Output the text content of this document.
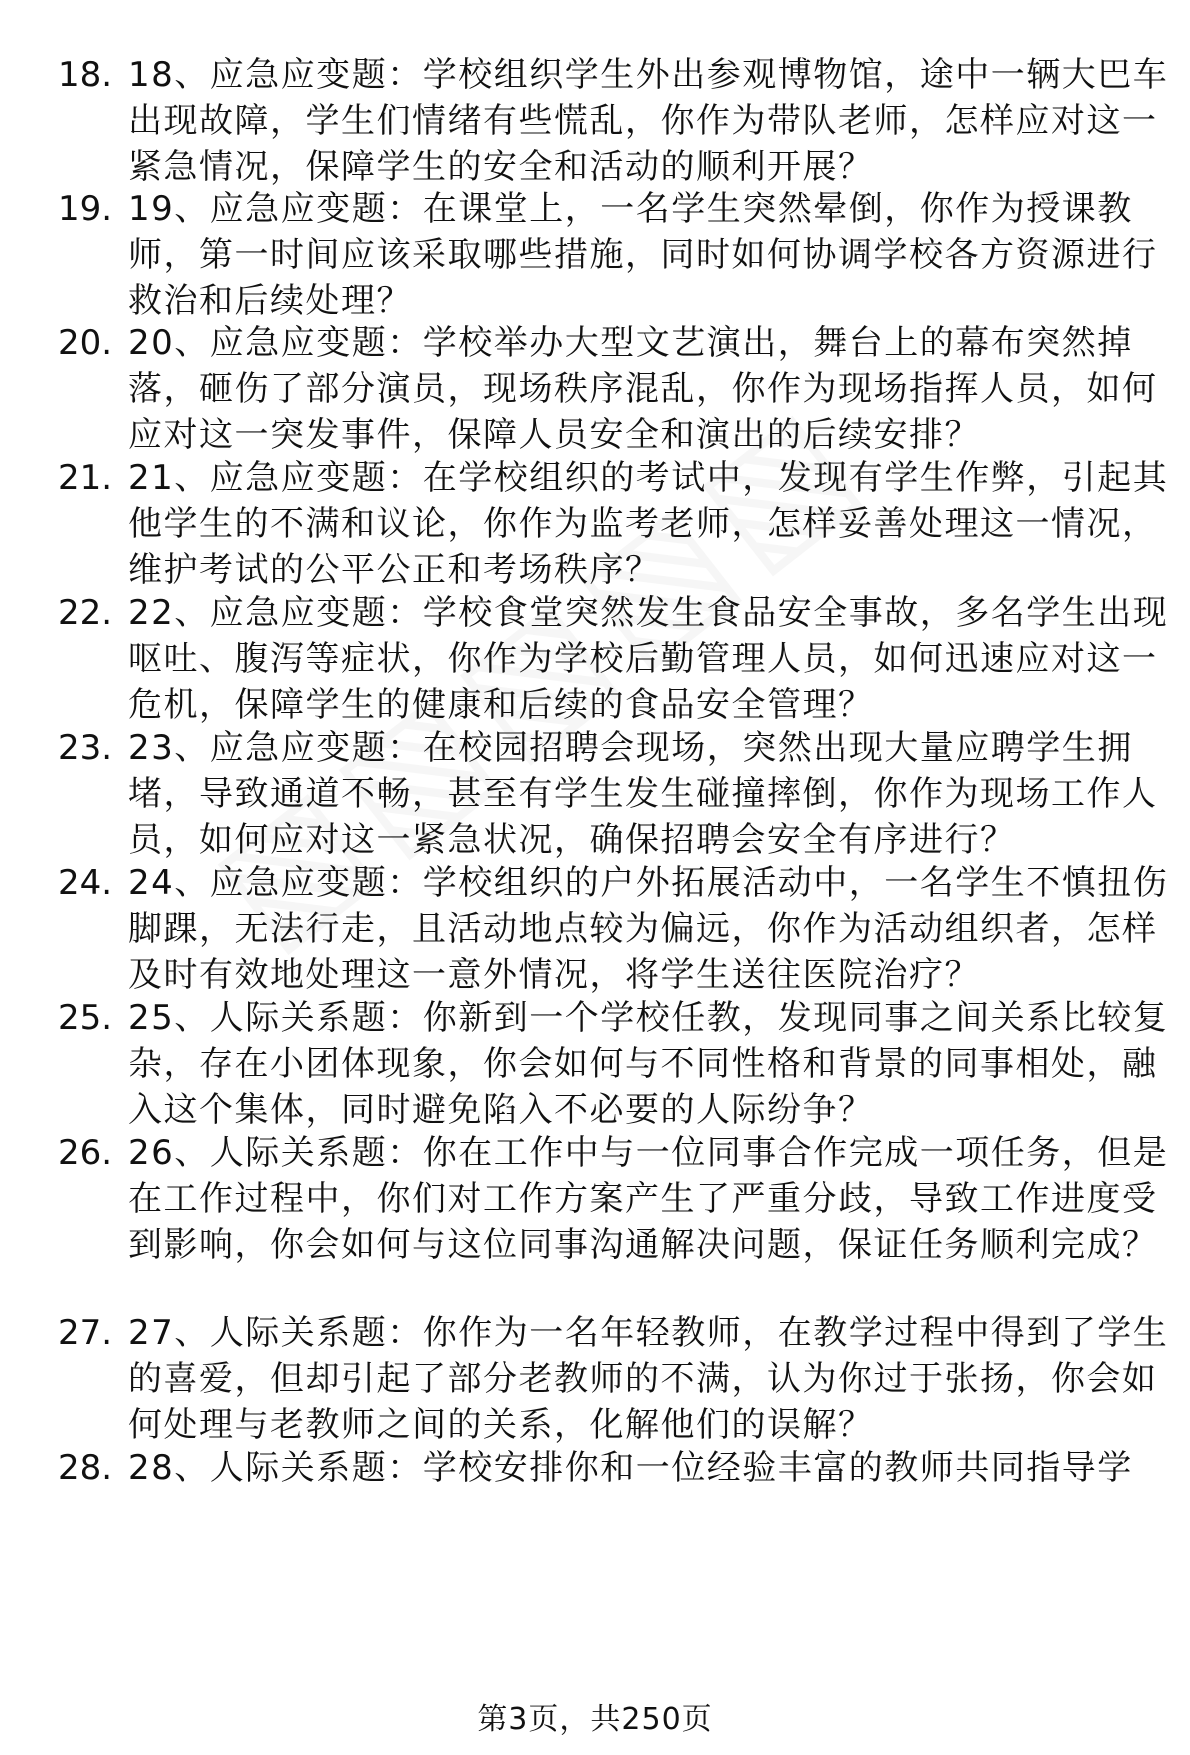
18. 18、应急应变题：学校组织学生外出参观博物馆，途中一辆大巴车出现故障，学生们情绪有些慌乱，你作为带队老师，怎样应对这一紧急情况，保障学生的安全和活动的顺利开展？
19. 19、应急应变题：在课堂上，一名学生突然晕倒，你作为授课教师，第一时间应该采取哪些措施，同时如何协调学校各方资源进行救治和后续处理？
20. 20、应急应变题：学校举办大型文艺演出，舞台上的幕布突然掉落，砸伤了部分演员，现场秩序混乱，你作为现场指挥人员，如何应对这一突发事件，保障人员安全和演出的后续安排？
21. 21、应急应变题：在学校组织的考试中，发现有学生作弊，引起其他学生的不满和议论，你作为监考老师，怎样妥善处理这一情况，维护考试的公平公正和考场秩序？
22. 22、应急应变题：学校食堂突然发生食品安全事故，多名学生出现呕吐、腹泻等症状，你作为学校后勤管理人员，如何迅速应对这一危机，保障学生的健康和后续的食品安全管理？
23. 23、应急应变题：在校园招聘会现场，突然出现大量应聘学生拥堵，导致通道不畅，甚至有学生发生碰撞摔倒，你作为现场工作人员，如何应对这一紧急状况，确保招聘会安全有序进行？
24. 24、应急应变题：学校组织的户外拓展活动中，一名学生不慎扭伤脚踝，无法行走，且活动地点较为偏远，你作为活动组织者，怎样及时有效地处理这一意外情况，将学生送往医院治疗？
25. 25、人际关系题：你新到一个学校任教，发现同事之间关系比较复杂，存在小团体现象，你会如何与不同性格和背景的同事相处，融入这个集体，同时避免陷入不必要的人际纷争？
26. 26、人际关系题：你在工作中与一位同事合作完成一项任务，但是在工作过程中，你们对工作方案产生了严重分歧，导致工作进度受到影响，你会如何与这位同事沟通解决问题，保证任务顺利完成？
27. 27、人际关系题：你作为一名年轻教师，在教学过程中得到了学生的喜爱，但却引起了部分老教师的不满，认为你过于张扬，你会如何处理与老教师之间的关系，化解他们的误解？
28. 28、人际关系题：学校安排你和一位经验丰富的教师共同指导学
第3页，共250页
